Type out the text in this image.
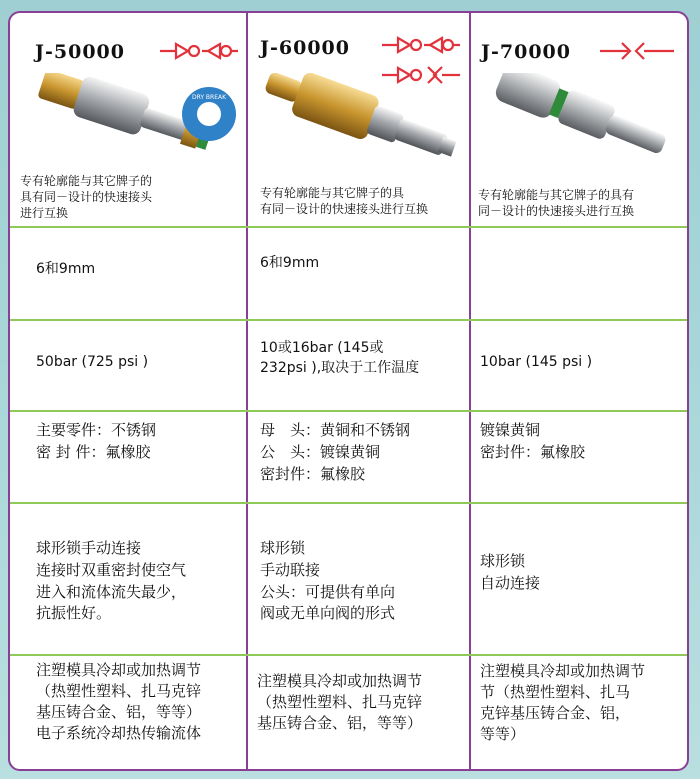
J-50000
DRY BREAK
专有轮廓能与其它牌子的
具有同－设计的快速接头
进行互换
J-60000
专有轮廓能与其它牌子的具
有同－设计的快速接头进行互换
J-70000
专有轮廓能与其它牌子的具有
同－设计的快速接头进行互换
6和9mm	6和9mm
50bar (725 psi )
10或16bar (145或
232psi ),取决于工作温度	10bar (145 psi )
主要零件：不锈钢
密 封 件：氟橡胶
母　头：黄铜和不锈钢
公　头：镀镍黄铜
密封件：氟橡胶
镀镍黄铜
密封件：氟橡胶
球形锁手动连接
连接时双重密封使空气
进入和流体流失最少，
抗振性好。
球形锁
手动联接
公头：可提供有单向
阀或无单向阀的形式
球形锁
自动连接
注塑模具冷却或加热调节
（热塑性塑料、扎马克锌
基压铸合金、铝，等等）
电子系统冷却热传输流体
注塑模具冷却或加热调节
（热塑性塑料、扎马克锌
基压铸合金、铝，等等）
注塑模具冷却或加热调节
节（热塑性塑料、扎马
克锌基压铸合金、铝，
等等）
